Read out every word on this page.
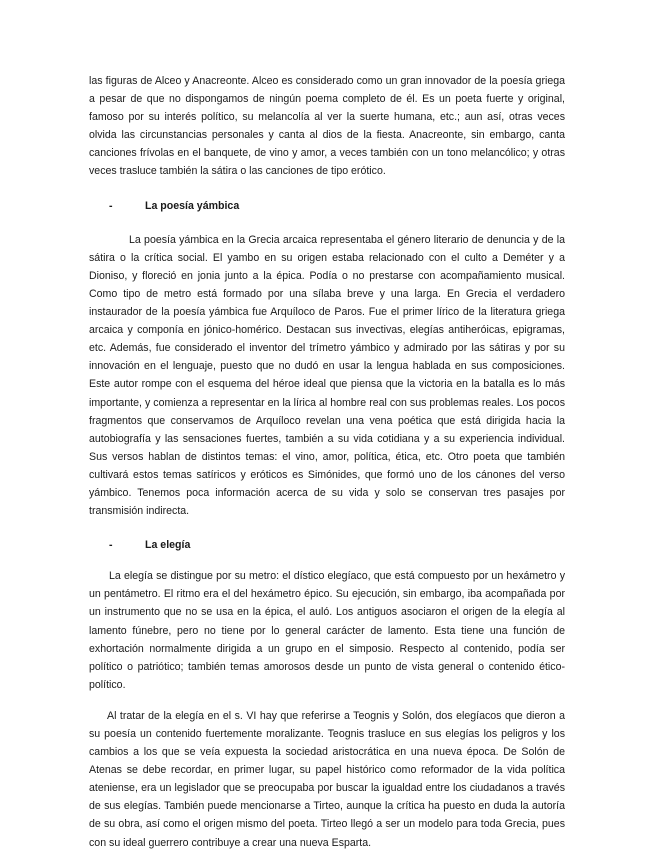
las figuras de Alceo y Anacreonte. Alceo es considerado como un gran innovador de la poesía griega a pesar de que no dispongamos de ningún poema completo de él. Es un poeta fuerte y original, famoso por su interés político, su melancolía al ver la suerte humana, etc.; aun así, otras veces olvida las circunstancias personales y canta al dios de la fiesta. Anacreonte, sin embargo, canta canciones frívolas en el banquete, de vino y amor, a veces también con un tono melancólico; y otras veces trasluce también la sátira o las canciones de tipo erótico.

-	La poesía yámbica

La poesía yámbica en la Grecia arcaica representaba el género literario de denuncia y de la sátira o la crítica social. El yambo en su origen estaba relacionado con el culto a Deméter y a Dioniso, y floreció en jonia junto a la épica. Podía o no prestarse con acompañamiento musical. Como tipo de metro está formado por una sílaba breve y una larga. En Grecia el verdadero instaurador de la poesía yámbica fue Arquíloco de Paros. Fue el primer lírico de la literatura griega arcaica y componía en jónico-homérico. Destacan sus invectivas, elegías antiheróicas, epigramas, etc. Además, fue considerado el inventor del trímetro yámbico y admirado por las sátiras y por su innovación en el lenguaje, puesto que no dudó en usar la lengua hablada en sus composiciones. Este autor rompe con el esquema del héroe ideal que piensa que la victoria en la batalla es lo más importante, y comienza a representar en la lírica al hombre real con sus problemas reales. Los pocos fragmentos que conservamos de Arquíloco revelan una vena poética que está dirigida hacia la autobiografía y las sensaciones fuertes, también a su vida cotidiana y a su experiencia individual. Sus versos hablan de distintos temas: el vino, amor, política, ética, etc. Otro poeta que también cultivará estos temas satíricos y eróticos es Simónides, que formó uno de los cánones del verso yámbico. Tenemos poca información acerca de su vida y solo se conservan tres pasajes por transmisión indirecta.

-	La elegía

La elegía se distingue por su metro: el dístico elegíaco, que está compuesto por un hexámetro y un pentámetro. El ritmo era el del hexámetro épico. Su ejecución, sin embargo, iba acompañada por un instrumento que no se usa en la épica, el auló. Los antiguos asociaron el origen de la elegía al lamento fúnebre, pero no tiene por lo general carácter de lamento. Esta tiene una función de exhortación normalmente dirigida a un grupo en el simposio. Respecto al contenido, podía ser político o patriótico; también temas amorosos desde un punto de vista general o contenido ético-político.

Al tratar de la elegía en el s. VI hay que referirse a Teognis y Solón, dos elegíacos que dieron a su poesía un contenido fuertemente moralizante. Teognis trasluce en sus elegías los peligros y los cambios a los que se veía expuesta la sociedad aristocrática en una nueva época. De Solón de Atenas se debe recordar, en primer lugar, su papel histórico como reformador de la vida política ateniense, era un legislador que se preocupaba por buscar la igualdad entre los ciudadanos a través de sus elegías. También puede mencionarse a Tirteo, aunque la crítica ha puesto en duda la autoría de su obra, así como el origen mismo del poeta. Tirteo llegó a ser un modelo para toda Grecia, pues con su ideal guerrero contribuye a crear una nueva Esparta.
